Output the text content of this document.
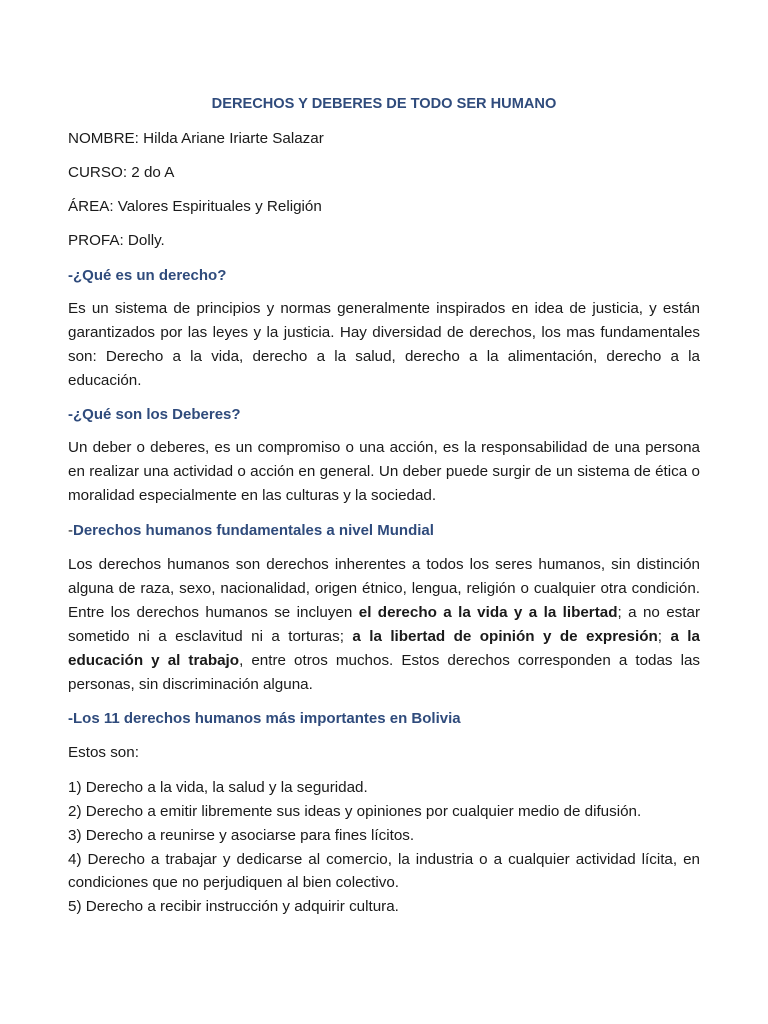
DERECHOS Y DEBERES DE TODO SER HUMANO

NOMBRE: Hilda Ariane Iriarte Salazar

CURSO: 2 do A

ÁREA: Valores Espirituales y Religión

PROFA: Dolly.

-¿Qué es un derecho?

Es un sistema de principios y normas generalmente inspirados en idea de justicia, y están garantizados por las leyes y la justicia. Hay diversidad de derechos, los mas fundamentales son: Derecho a la vida, derecho a la salud, derecho a la alimentación, derecho a la educación.

-¿Qué son los Deberes?

Un deber o deberes, es un compromiso o una acción, es la responsabilidad de una persona en realizar una actividad o acción en general. Un deber puede surgir de un sistema de ética o moralidad especialmente en las culturas y la sociedad.

-Derechos humanos fundamentales a nivel Mundial

Los derechos humanos son derechos inherentes a todos los seres humanos, sin distinción alguna de raza, sexo, nacionalidad, origen étnico, lengua, religión o cualquier otra condición. Entre los derechos humanos se incluyen el derecho a la vida y a la libertad; a no estar sometido ni a esclavitud ni a torturas; a la libertad de opinión y de expresión; a la educación y al trabajo, entre otros muchos. Estos derechos corresponden a todas las personas, sin discriminación alguna.

-Los 11 derechos humanos más importantes en Bolivia

Estos son:

1) Derecho a la vida, la salud y la seguridad.
2) Derecho a emitir libremente sus ideas y opiniones por cualquier medio de difusión.
3) Derecho a reunirse y asociarse para fines lícitos.
4) Derecho a trabajar y dedicarse al comercio, la industria o a cualquier actividad lícita, en condiciones que no perjudiquen al bien colectivo.
5) Derecho a recibir instrucción y adquirir cultura.
